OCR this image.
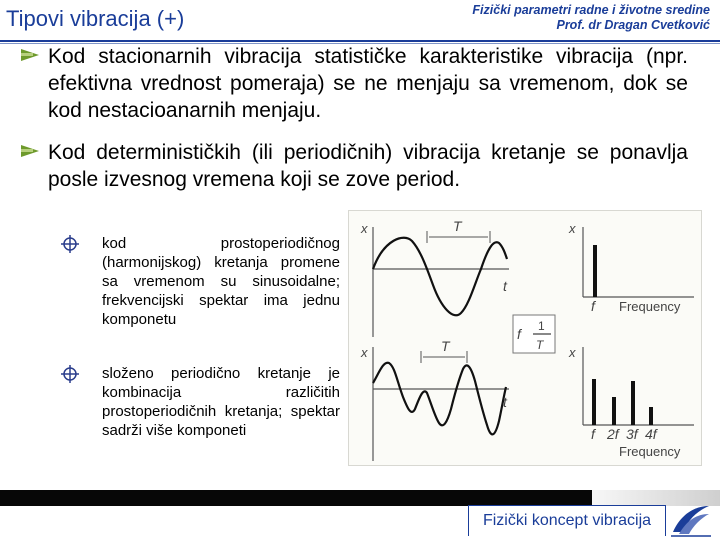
Tipovi vibracija (+)	Fizički parametri radne i životne sredine
Prof. dr Dragan Cvetković
Kod stacionarnih vibracija statističke karakteristike vibracija (npr. efektivna vrednost pomeraja) se ne menjaju sa vremenom, dok se kod nestacioanarnih menjaju.
Kod determinističkih (ili periodičnih) vibracija kretanje se ponavlja posle izvesnog vremena koji se zove period.
kod prostoperiodičnog (harmonijskog) kretanja promene sa vremenom su sinusoidalne; frekvencijski spektar ima jednu komponetu
složeno periodično kretanje je kombinacija različitih prostoperiodičnih kretanja; spektar sadrži više komponeti
x	T
t
x
f
f
T
x	T
t
x
f 2f 3f 4f
1
Frequency
Frequency
Fizički koncept vibracija
